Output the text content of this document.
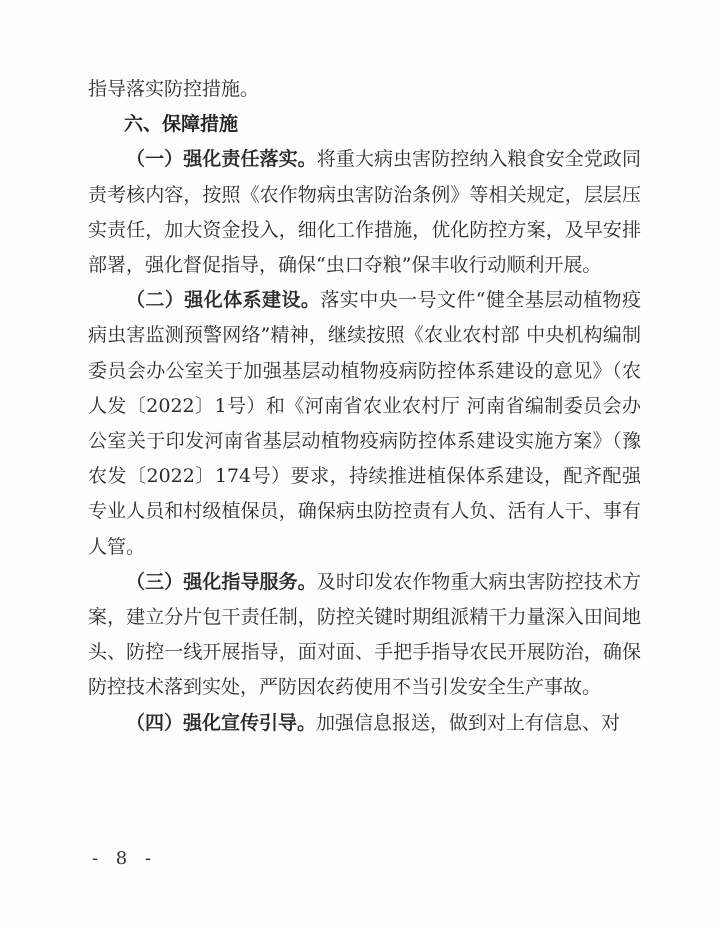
指导落实防控措施。

六、保障措施

（一）强化责任落实。将重大病虫害防控纳入粮食安全党政同责考核内容，按照《农作物病虫害防治条例》等相关规定，层层压实责任，加大资金投入，细化工作措施，优化防控方案，及早安排部署，强化督促指导，确保“虫口夺粮”保丰收行动顺利开展。

（二）强化体系建设。落实中央一号文件“健全基层动植物疫病虫害监测预警网络”精神，继续按照《农业农村部 中央机构编制委员会办公室关于加强基层动植物疫病防控体系建设的意见》（农人发〔2022〕1号）和《河南省农业农村厅 河南省编制委员会办公室关于印发河南省基层动植物疫病防控体系建设实施方案》（豫农发〔2022〕174号）要求，持续推进植保体系建设，配齐配强专业人员和村级植保员，确保病虫防控责有人负、活有人干、事有人管。

（三）强化指导服务。及时印发农作物重大病虫害防控技术方案，建立分片包干责任制，防控关键时期组派精干力量深入田间地头、防控一线开展指导，面对面、手把手指导农民开展防治，确保防控技术落到实处，严防因农药使用不当引发安全生产事故。

（四）强化宣传引导。加强信息报送，做到对上有信息、对

- 8 -
